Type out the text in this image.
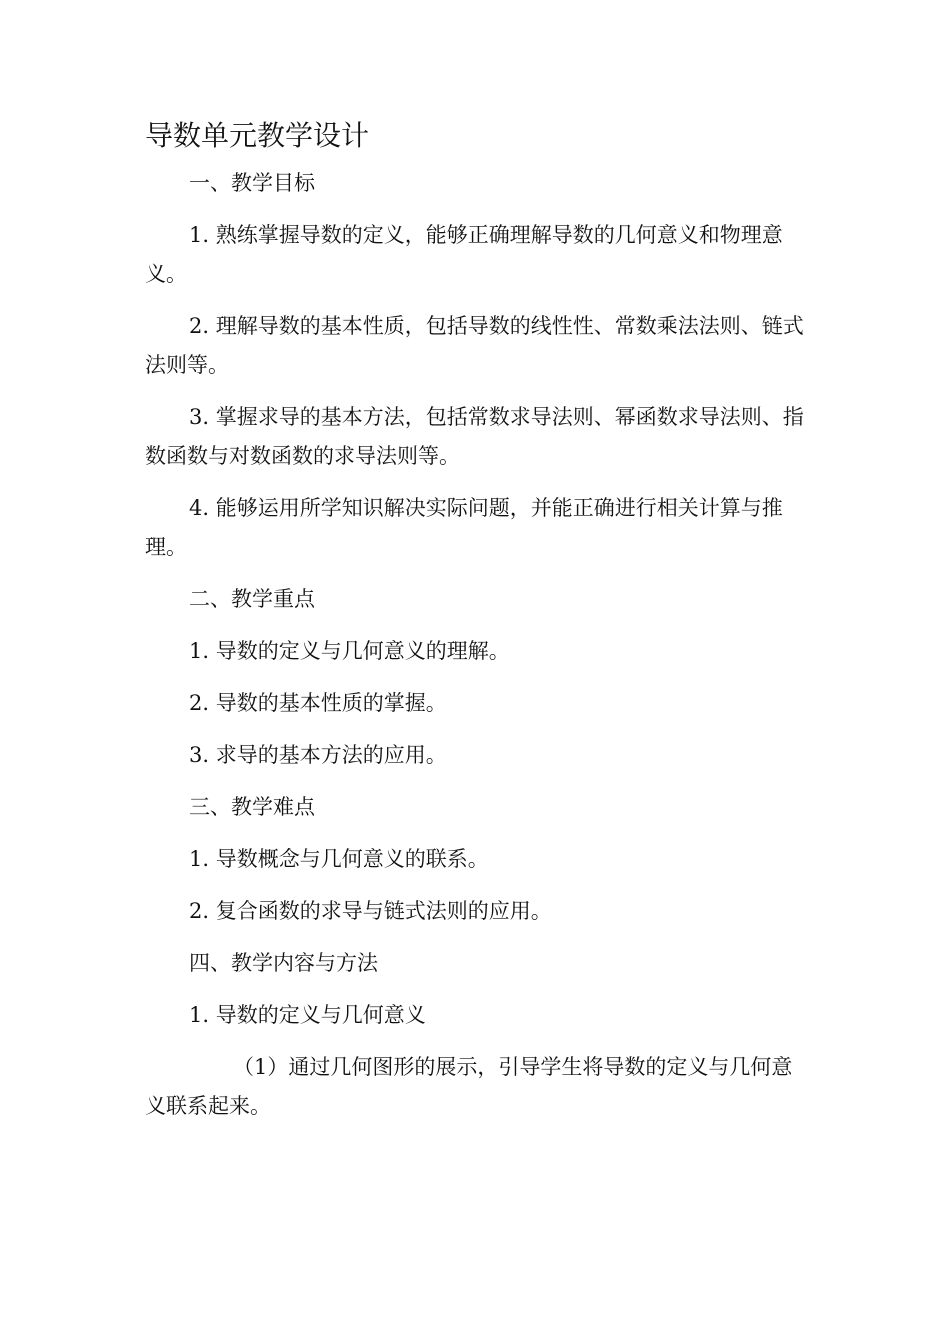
导数单元教学设计

一、教学目标

1. 熟练掌握导数的定义，能够正确理解导数的几何意义和物理意义。

2. 理解导数的基本性质，包括导数的线性性、常数乘法法则、链式法则等。

3. 掌握求导的基本方法，包括常数求导法则、幂函数求导法则、指数函数与对数函数的求导法则等。

4. 能够运用所学知识解决实际问题，并能正确进行相关计算与推理。

二、教学重点

1. 导数的定义与几何意义的理解。

2. 导数的基本性质的掌握。

3. 求导的基本方法的应用。

三、教学难点

1. 导数概念与几何意义的联系。

2. 复合函数的求导与链式法则的应用。

四、教学内容与方法

1. 导数的定义与几何意义

（1）通过几何图形的展示，引导学生将导数的定义与几何意义联系起来。
